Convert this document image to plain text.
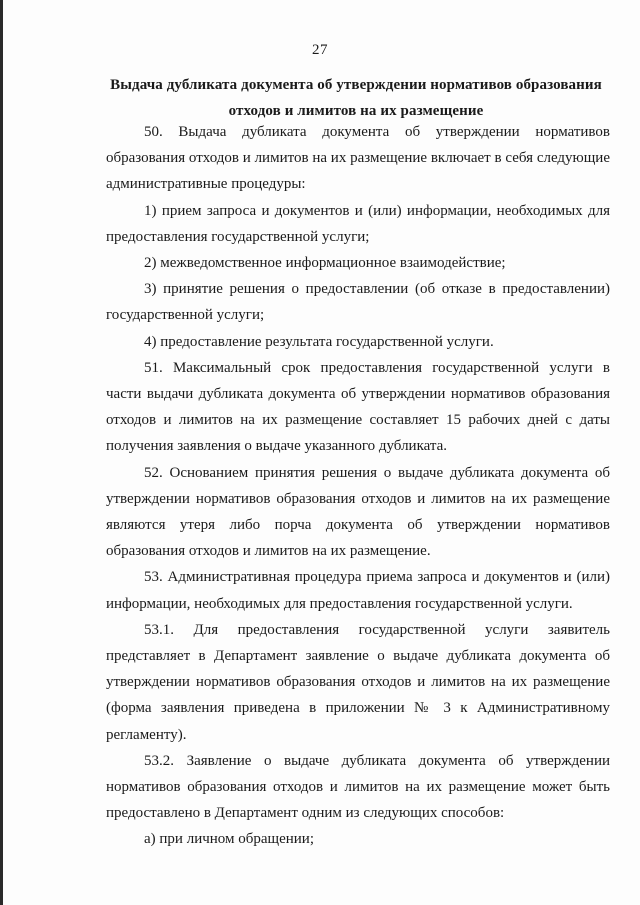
27
Выдача дубликата документа об утверждении нормативов образования
отходов и лимитов на их размещение

50. Выдача дубликата документа об утверждении нормативов образования отходов и лимитов на их размещение включает в себя следующие административные процедуры:

1) прием запроса и документов и (или) информации, необходимых для предоставления государственной услуги;

2) межведомственное информационное взаимодействие;

3) принятие решения о предоставлении (об отказе в предоставлении) государственной услуги;

4) предоставление результата государственной услуги.

51. Максимальный срок предоставления государственной услуги в части выдачи дубликата документа об утверждении нормативов образования отходов и лимитов на их размещение составляет 15 рабочих дней с даты получения заявления о выдаче указанного дубликата.

52. Основанием принятия решения о выдаче дубликата документа об утверждении нормативов образования отходов и лимитов на их размещение являются утеря либо порча документа об утверждении нормативов образования отходов и лимитов на их размещение.

53. Административная процедура приема запроса и документов и (или) информации, необходимых для предоставления государственной услуги.

53.1. Для предоставления государственной услуги заявитель представляет в Департамент заявление о выдаче дубликата документа об утверждении нормативов образования отходов и лимитов на их размещение (форма заявления приведена в приложении № 3 к Административному регламенту).

53.2. Заявление о выдаче дубликата документа об утверждении нормативов образования отходов и лимитов на их размещение может быть предоставлено в Департамент одним из следующих способов:

а) при личном обращении;
